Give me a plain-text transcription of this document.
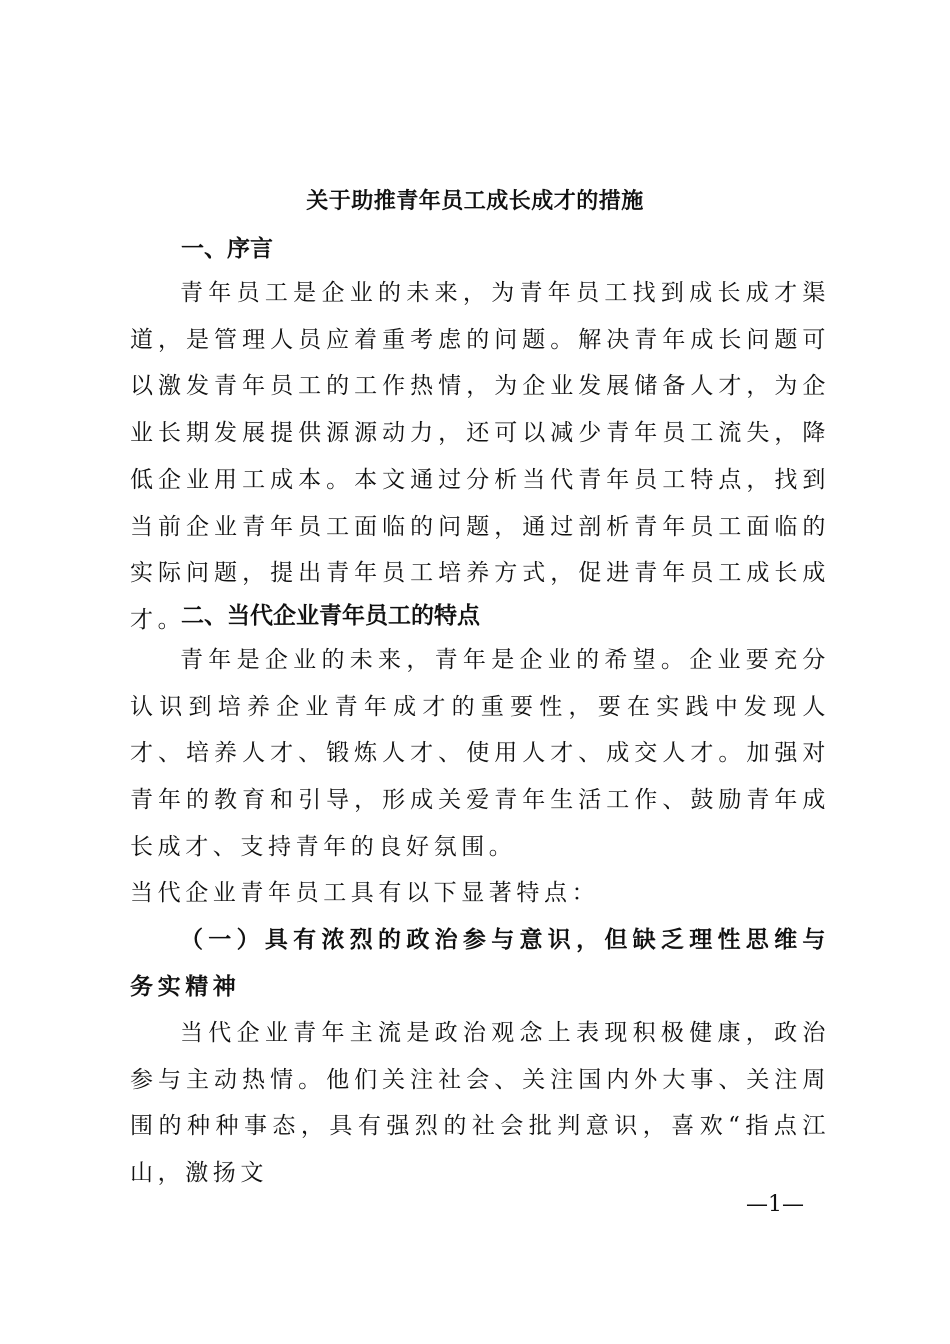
关于助推青年员工成长成才的措施
一、序言

青年员工是企业的未来，为青年员工找到成长成才渠道，是管理人员应着重考虑的问题。解决青年成长问题可以激发青年员工的工作热情，为企业发展储备人才，为企业长期发展提供源源动力，还可以减少青年员工流失，降低企业用工成本。本文通过分析当代青年员工特点，找到当前企业青年员工面临的问题，通过剖析青年员工面临的实际问题，提出青年员工培养方式，促进青年员工成长成才。

二、当代企业青年员工的特点

青年是企业的未来，青年是企业的希望。企业要充分认识到培养企业青年成才的重要性，要在实践中发现人才、培养人才、锻炼人才、使用人才、成交人才。加强对青年的教育和引导，形成关爱青年生活工作、鼓励青年成长成才、支持青年的良好氛围。

当代企业青年员工具有以下显著特点：

（一）具有浓烈的政治参与意识，但缺乏理性思维与务实精神

当代企业青年主流是政治观念上表现积极健康，政治参与主动热情。他们关注社会、关注国内外大事、关注周围的种种事态，具有强烈的社会批判意识，喜欢“指点江山，激扬文

—1—
